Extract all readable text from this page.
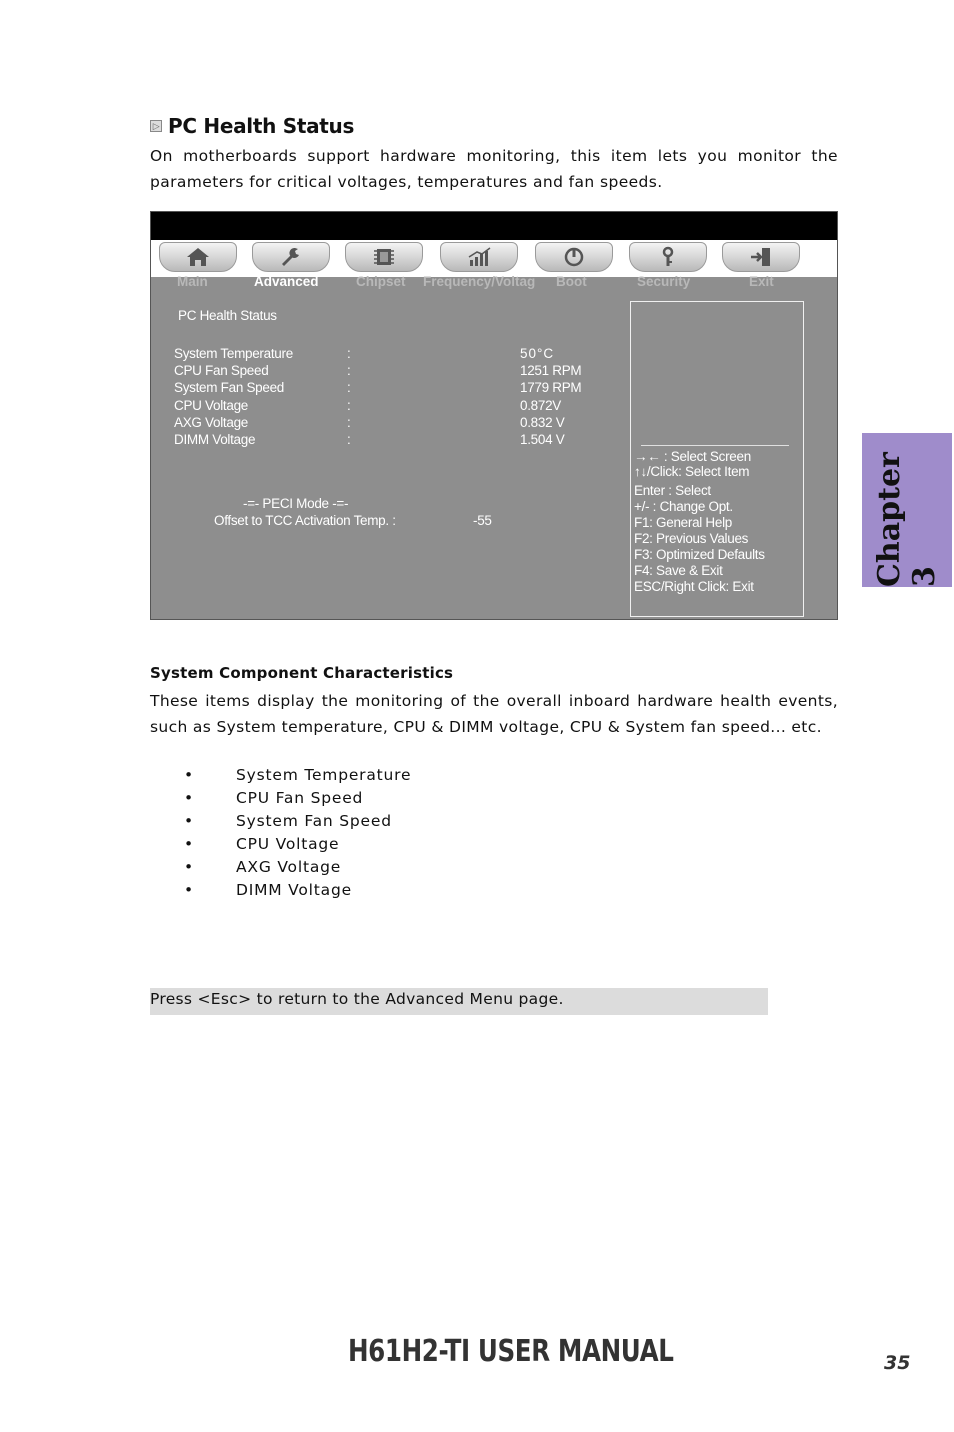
▷ PC Health Status
On motherboards support hardware monitoring, this item lets you monitor the parameters for critical voltages, temperatures and fan speeds.
Main	Advanced	Chipset Frequency/Voltag Boot	Security	Exit
PC Health Status
System Temperature	:	50°C
CPU Fan Speed	:	1251 RPM
System Fan Speed	:	1779 RPM
CPU Voltage	:	0.872V
AXG Voltage	:	0.832 V
DIMM Voltage	:	1.504 V
-=- PECI Mode -=-
Offset to TCC Activation Temp. :	-55
→← : Select Screen
↑↓/Click: Select Item
Enter : Select
+/- : Change Opt.
F1: General Help
F2: Previous Values
F3: Optimized Defaults
F4: Save & Exit
ESC/Right Click: Exit	Chapter 3
System Component Characteristics
These items display the monitoring of the overall inboard hardware health events, such as System temperature, CPU & DIMM voltage, CPU & System fan speed... etc.
•	System Temperature
•	CPU Fan Speed
•	System Fan Speed
•	CPU Voltage
•	AXG Voltage
•	DIMM Voltage
Press <Esc> to return to the Advanced Menu page.
H61H2-TI USER MANUAL	35
